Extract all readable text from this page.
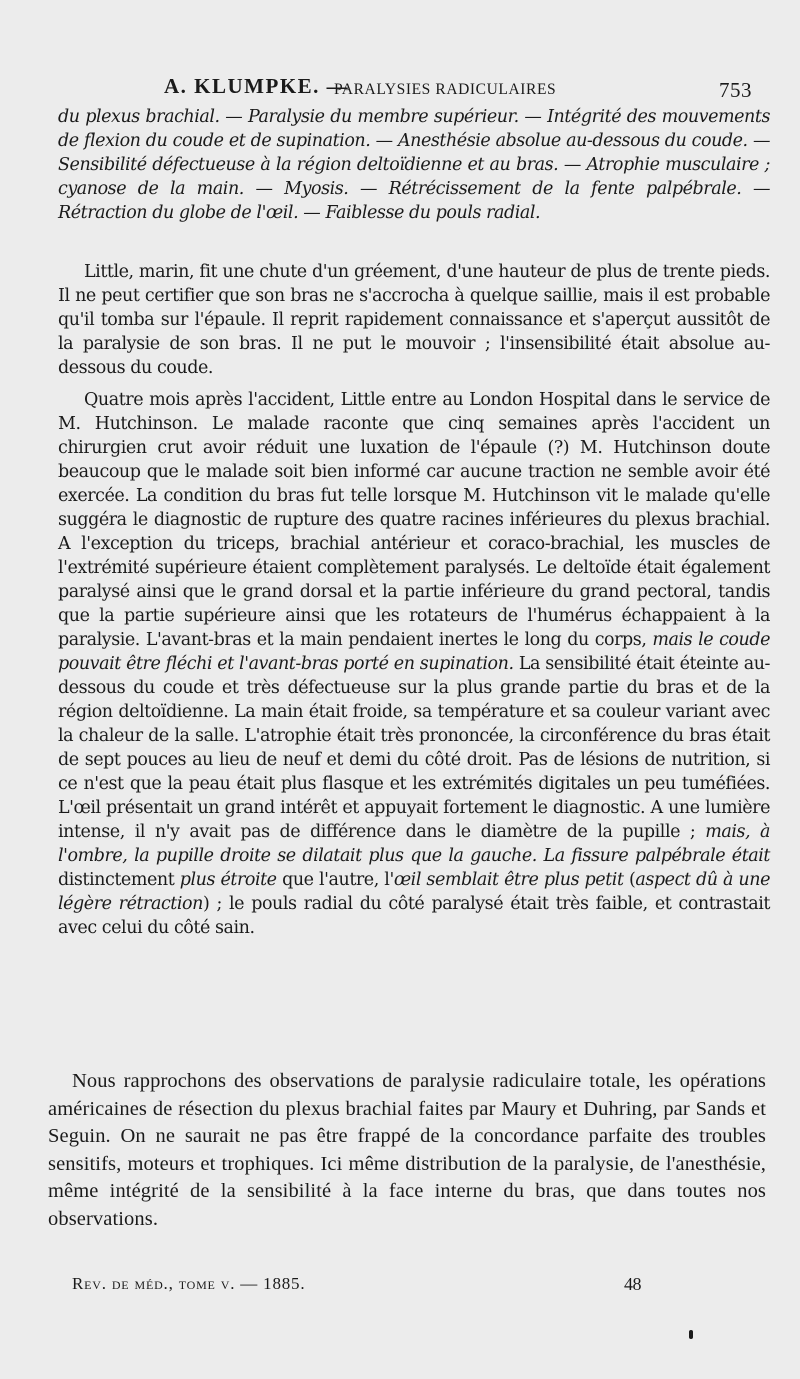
A. KLUMPKE. —
PARALYSIES RADICULAIRES	753

du plexus brachial. — Paralysie du membre supérieur. — Intégrité des mouvements de flexion du coude et de supination. — Anesthésie absolue au-dessous du coude. — Sensibilité défectueuse à la région deltoïdienne et au bras. — Atrophie musculaire ; cyanose de la main. — Myosis. — Rétrécissement de la fente palpébrale. — Rétraction du globe de l'œil. — Faiblesse du pouls radial.

Little, marin, fit une chute d'un gréement, d'une hauteur de plus de trente pieds. Il ne peut certifier que son bras ne s'accrocha à quelque saillie, mais il est probable qu'il tomba sur l'épaule. Il reprit rapidement connaissance et s'aperçut aussitôt de la paralysie de son bras. Il ne put le mouvoir ; l'insensibilité était absolue au-dessous du coude.

Quatre mois après l'accident, Little entre au London Hospital dans le service de M. Hutchinson. Le malade raconte que cinq semaines après l'accident un chirurgien crut avoir réduit une luxation de l'épaule (?) M. Hutchinson doute beaucoup que le malade soit bien informé car aucune traction ne semble avoir été exercée. La condition du bras fut telle lorsque M. Hutchinson vit le malade qu'elle suggéra le diagnostic de rupture des quatre racines inférieures du plexus brachial. A l'exception du triceps, brachial antérieur et coraco-brachial, les muscles de l'extrémité supérieure étaient complètement paralysés. Le deltoïde était également paralysé ainsi que le grand dorsal et la partie inférieure du grand pectoral, tandis que la partie supérieure ainsi que les rotateurs de l'humérus échappaient à la paralysie. L'avant-bras et la main pendaient inertes le long du corps, mais le coude pouvait être fléchi et l'avant-bras porté en supination. La sensibilité était éteinte au-dessous du coude et très défectueuse sur la plus grande partie du bras et de la région deltoïdienne. La main était froide, sa température et sa couleur variant avec la chaleur de la salle. L'atrophie était très prononcée, la circonférence du bras était de sept pouces au lieu de neuf et demi du côté droit. Pas de lésions de nutrition, si ce n'est que la peau était plus flasque et les extrémités digitales un peu tuméfiées. L'œil présentait un grand intérêt et appuyait fortement le diagnostic. A une lumière intense, il n'y avait pas de différence dans le diamètre de la pupille ; mais, à l'ombre, la pupille droite se dilatait plus que la gauche. La fissure palpébrale était distinctement plus étroite que l'autre, l'œil semblait être plus petit (aspect dû à une légère rétraction) ; le pouls radial du côté paralysé était très faible, et contrastait avec celui du côté sain.

Nous rapprochons des observations de paralysie radiculaire totale, les opérations américaines de résection du plexus brachial faites par Maury et Duhring, par Sands et Seguin. On ne saurait ne pas être frappé de la concordance parfaite des troubles sensitifs, moteurs et trophiques. Ici même distribution de la paralysie, de l'anesthésie, même intégrité de la sensibilité à la face interne du bras, que dans toutes nos observations.

Rev. de méd., tome v. — 1885.	48
